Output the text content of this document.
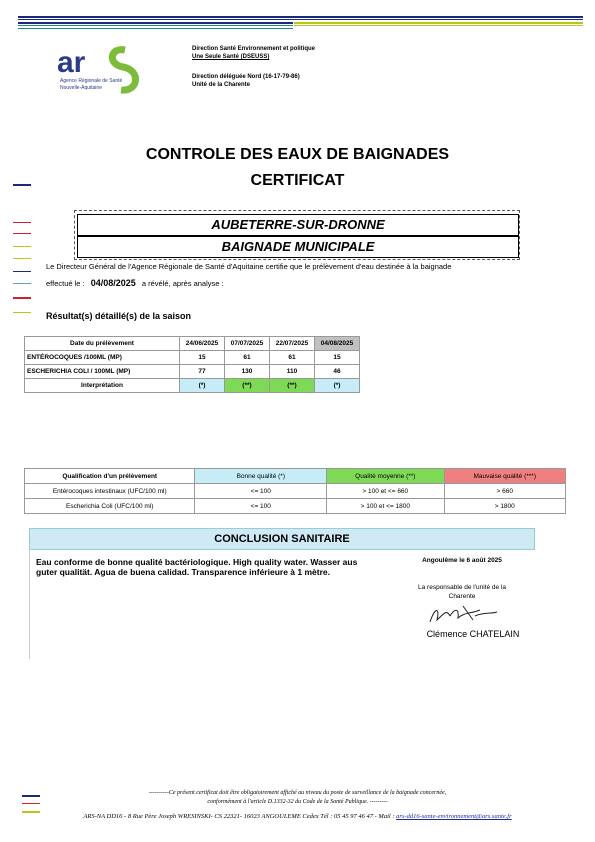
ar
Agence Régionale de Santé
Nouvelle-Aquitaine
Direction Santé Environnement et politique
Une Seule Santé (DSEUSS)
Direction déléguée Nord (16-17-79-86)
Unité de la Charente
CONTROLE DES EAUX DE BAIGNADES
CERTIFICAT
AUBETERRE-SUR-DRONNE
BAIGNADE MUNICIPALE
Le Directeur Général de l'Agence Régionale de Santé d'Aquitaine certifie que le prélèvement d'eau destinée à la baignade
effectué le : 04/08/2025 a révélé, après analyse :
Résultat(s) détaillé(s) de la saison
Date du prélèvement	24/06/2025	07/07/2025	22/07/2025	04/08/2025
ENTÉROCOQUES /100ML (MP)	15	61	61	15
ESCHERICHIA COLI / 100ML (MP)	77	130	110	46
Interprétation	(*)	(**)	(**)	(*)
Qualification d'un prélèvement	Bonne qualité (*)	Qualité moyenne (**)	Mauvaise qualité (***)
Entérocoques intestinaux (UFC/100 ml)	<= 100	> 100 et <= 660	> 660
Escherichia Coli (UFC/100 ml)	<= 100	> 100 et <= 1800	> 1800
CONCLUSION SANITAIRE
Eau conforme de bonne qualité bactériologique. High quality water. Wasser aus guter qualität. Agua de buena calidad. Transparence inférieure à 1 mètre.
Angoulême le 6 août 2025
La responsable de l'unité de la
Charente
Clémence CHATELAIN
----------Ce présent certificat doit être obligatoirement affiché au niveau du poste de surveillance de la baignade concernée,
conformément à l'article D.1332-32 du Code de la Santé Publique. ---------
ARS-NA DD16 - 8 Rue Père Joseph WRESINSKI- CS 22321- 16023 ANGOULEME Cedex Tél : 05 45 97 46 47 - Mail : ars-dd16-sante-environnement@ars.sante.fr
